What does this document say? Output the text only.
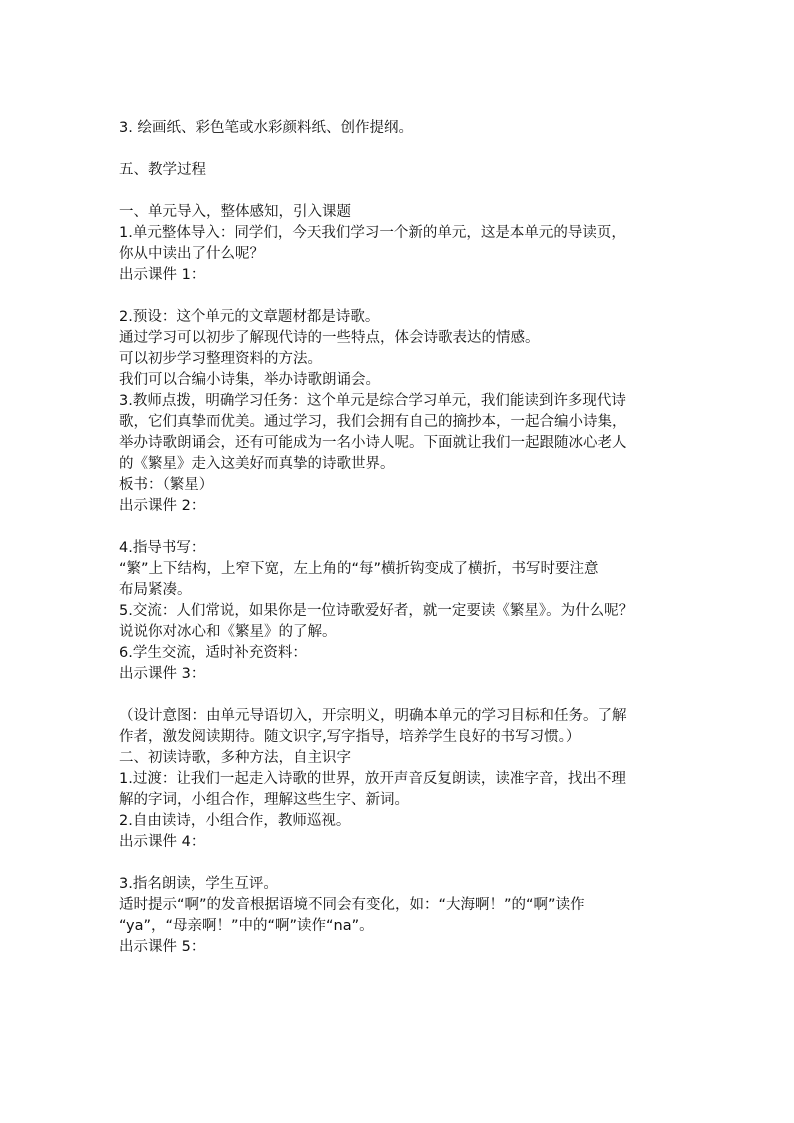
3. 绘画纸、彩色笔或水彩颜料纸、创作提纲。
五、教学过程
一、单元导入，整体感知，引入课题
1.单元整体导入：同学们，今天我们学习一个新的单元，这是本单元的导读页，
你从中读出了什么呢？
出示课件 1：
2.预设：这个单元的文章题材都是诗歌。
通过学习可以初步了解现代诗的一些特点，体会诗歌表达的情感。
可以初步学习整理资料的方法。
我们可以合编小诗集，举办诗歌朗诵会。
3.教师点拨，明确学习任务：这个单元是综合学习单元，我们能读到许多现代诗
歌，它们真挚而优美。通过学习，我们会拥有自己的摘抄本，一起合编小诗集，
举办诗歌朗诵会，还有可能成为一名小诗人呢。下面就让我们一起跟随冰心老人
的《繁星》走入这美好而真挚的诗歌世界。
板书：（繁星）
出示课件 2：
4.指导书写：
“繁”上下结构，上窄下宽，左上角的“每”横折钩变成了横折，书写时要注意
布局紧凑。
5.交流：人们常说，如果你是一位诗歌爱好者，就一定要读《繁星》。为什么呢？
说说你对冰心和《繁星》的了解。
6.学生交流，适时补充资料：
出示课件 3：
（设计意图：由单元导语切入，开宗明义，明确本单元的学习目标和任务。了解
作者，激发阅读期待。随文识字,写字指导，培养学生良好的书写习惯。）
二、初读诗歌，多种方法，自主识字
1.过渡：让我们一起走入诗歌的世界，放开声音反复朗读，读准字音，找出不理
解的字词，小组合作，理解这些生字、新词。
2.自由读诗，小组合作，教师巡视。
出示课件 4：
3.指名朗读，学生互评。
适时提示“啊”的发音根据语境不同会有变化，如：“大海啊！”的“啊”读作
“ya”，“母亲啊！”中的“啊”读作“na”。
出示课件 5：
